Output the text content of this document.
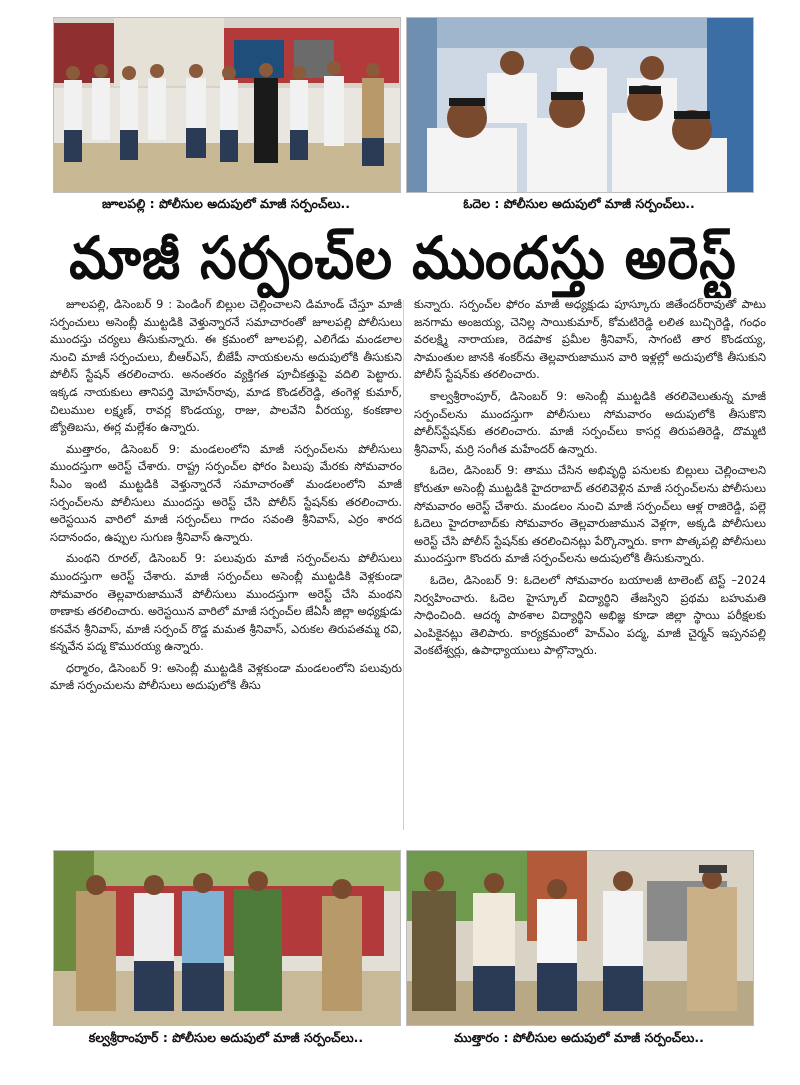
జూలపల్లి : పోలీసుల అదుపులో మాజీ సర్పంచ్‌లు..	ఓదెల : పోలీసుల అదుపులో మాజీ సర్పంచ్‌లు..
మాజీ సర్పంచ్‌ల ముందస్తు అరెస్ట్

జూలపల్లి, డిసెంబర్ 9 : పెండింగ్ బిల్లుల చెల్లించాలని డిమాండ్ చేస్తూ మాజీ సర్పంచులు అసెంబ్లీ ముట్టడికి వెళ్తున్నారనే సమాచారంతో జూలపల్లి పోలీసులు ముందస్తు చర్యలు తీసుకున్నారు. ఈ క్రమంలో జూలపల్లి, ఎలిగేడు మండలాల నుంచి మాజీ సర్పంచులు, బీఆర్ఎస్, బీజేపీ నాయకులను అదుపులోకి తీసుకుని పోలీస్ స్టేషన్ తరలించారు. అనంతరం వ్యక్తిగత పూచీకత్తుపై వదిలి పెట్టారు. ఇక్కడ నాయకులు తానిపర్తి మోహన్‌రావు, మాడ కొండల్‌రెడ్డి, తంగెళ్ల కుమార్, చిలుముల లక్ష్మణ్, రావర్ల కొండయ్య, రాజు, పాలవేని వీరయ్య, కంకణాల జ్యోతిబసు, ఈర్ల మల్లేశం ఉన్నారు.

ముత్తారం, డిసెంబర్ 9: మండలంలోని మాజీ సర్పంచ్‌లను పోలీసులు ముందస్తుగా అరెస్ట్ చేశారు. రాష్ట్ర సర్పంచ్‌ల ఫోరం పిలుపు మేరకు సోమవారం సీఎం ఇంటి ముట్టడికి వెళ్తున్నారనే సమాచారంతో మండలంలోని మాజీ సర్పంచ్‌లను పోలీసులు ముందస్తు అరెస్ట్ చేసి పోలీస్ స్టేషన్‌కు తరలించారు. అరెస్టయిన వారిలో మాజీ సర్పంచ్‌లు గాదం సవంతి శ్రీనివాస్, ఎర్రం శారద సదానందం, ఉప్పుల సుగుణ శ్రీనివాస్ ఉన్నారు.

మంథని రూరల్, డిసెంబర్ 9: పలువురు మాజీ సర్పంచ్‌లను పోలీసులు ముందస్తుగా అరెస్ట్ చేశారు. మాజీ సర్పంచ్‌లు అసెంబ్లీ ముట్టడికి వెళ్లకుండా సోమవారం తెల్లవారుజామునే పోలీసులు ముందస్తుగా అరెస్ట్ చేసి మంథని ఠాణాకు తరలించారు. అరెస్టయిన వారిలో మాజీ సర్పంచ్‌ల జేఏసీ జిల్లా అధ్యక్షుడు కనవేన శ్రీనివాస్, మాజీ సర్పంచ్ రొడ్డ మమత శ్రీనివాస్, ఎరుకల తిరుపతమ్మ రవి, కన్నవేన పద్మ కొమురయ్య ఉన్నారు.

ధర్మారం, డిసెంబర్ 9: అసెంబ్లీ ముట్టడికి వెళ్లకుండా మండలంలోని పలువురు మాజీ సర్పంచులను పోలీసులు అదుపులోకి తీసు

కున్నారు. సర్పంచ్‌ల ఫోరం మాజీ అధ్యక్షుడు పూస్కూరు జితేందర్‌రావుతో పాటు జనగామ అంజయ్య, చెనిల్ల సాయికుమార్, కోమటిరెడ్డి లలిత బుచ్చిరెడ్డి, గంధం వరలక్ష్మి నారాయణ, రెడపాక ప్రమీల శ్రీనివాస్, సాగంటి తార కొండయ్య, సామంతుల జానకి శంకర్‌ను తెల్లవారుజామున వారి ఇళ్లల్లో అదుపులోకి తీసుకుని పోలీస్ స్టేషన్‌కు తరలించారు.

కాల్వశ్రీరాంపూర్, డిసెంబర్ 9: అసెంబ్లీ ముట్టడికి తరలివెలుతున్న మాజీ సర్పంచ్‌లను ముందస్తుగా పోలీసులు సోమవారం అదుపులోకి తీసుకొని పోలీస్‌స్టేషన్‌కు తరలించారు. మాజీ సర్పంచ్‌లు కాసర్ల తిరుపతిరెడ్డి, దొమ్మటి శ్రీనివాస్, మర్రి సంగీత మహేందర్ ఉన్నారు.

ఓదెల, డిసెంబర్ 9: తాము చేసిన అభివృద్ధి పనులకు బిల్లులు చెల్లించాలని కోరుతూ అసెంబ్లీ ముట్టడికి హైదరాబాద్ తరలివెళ్లిన మాజీ సర్పంచ్‌లను పోలీసులు సోమవారం అరెస్ట్ చేశారు. మండలం నుంచి మాజీ సర్పంచ్‌లు ఆళ్ల రాజిరెడ్డి, పల్లె ఓదెలు హైదరాబాద్‌కు సోమవారం తెల్లవారుజామున వెళ్లగా, అక్కడి పోలీసులు అరెస్ట్ చేసి పోలీస్ స్టేషన్‌కు తరలించినట్లు పేర్కొన్నారు. కాగా పొత్కపల్లి పోలీసులు ముందస్తుగా కొందరు మాజీ సర్పంచ్‌లను అదుపులోకి తీసుకున్నారు.

ఓదెల, డిసెంబర్ 9: ఓదెలలో సోమవారం బయాలజీ టాలెంట్ టెస్ట్ –2024 నిర్వహించారు. ఓదెల హైస్కూల్ విద్యార్థిని తేజస్విని ప్రథమ బహుమతి సాధించింది. ఆదర్శ పాఠశాల విద్యార్థిని అభిజ్ఞ కూడా జిల్లా స్థాయి పరీక్షలకు ఎంపికైనట్లు తెలిపారు. కార్యక్రమంలో హెచ్ఎం పద్మ, మాజీ చైర్మన్ ఇప్పనపల్లి వెంకటేశ్వర్లు, ఉపాధ్యాయులు పాల్గొన్నారు.

కల్వశ్రీరాంపూర్ : పోలీసుల అదుపులో మాజీ సర్పంచ్‌లు..	ముత్తారం : పోలీసుల అదుపులో మాజీ సర్పంచ్‌లు..
